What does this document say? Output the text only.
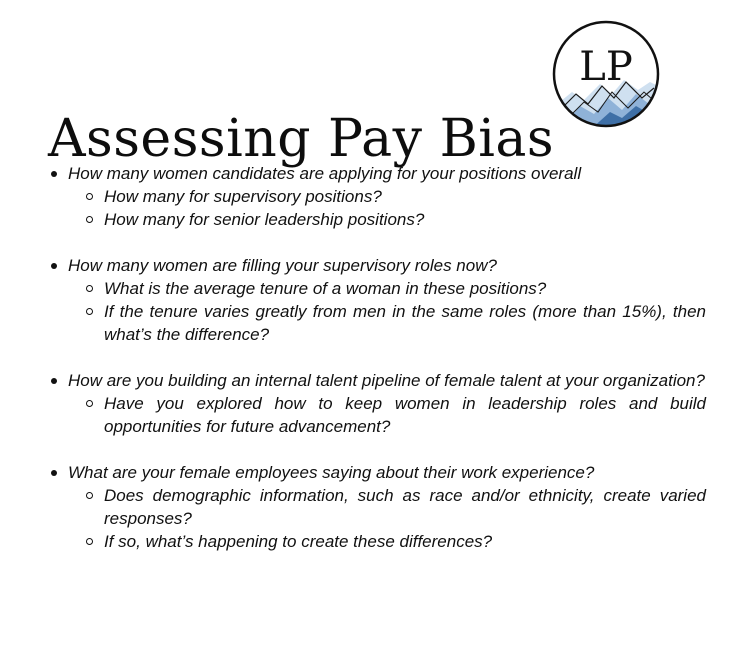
Assessing Pay Bias
LP
How many women candidates are applying for your positions overall
How many for supervisory positions?
How many for senior leadership positions?
How many women are filling your supervisory roles now?
What is the average tenure of a woman in these positions?
If the tenure varies greatly from men in the same roles (more than 15%), then what’s the difference?
How are you building an internal talent pipeline of female talent at your organization?
Have you explored how to keep women in leadership roles and build opportunities for future advancement?
What are your female employees saying about their work experience?
Does demographic information, such as race and/or ethnicity, create varied responses?
If so, what’s happening to create these differences?
